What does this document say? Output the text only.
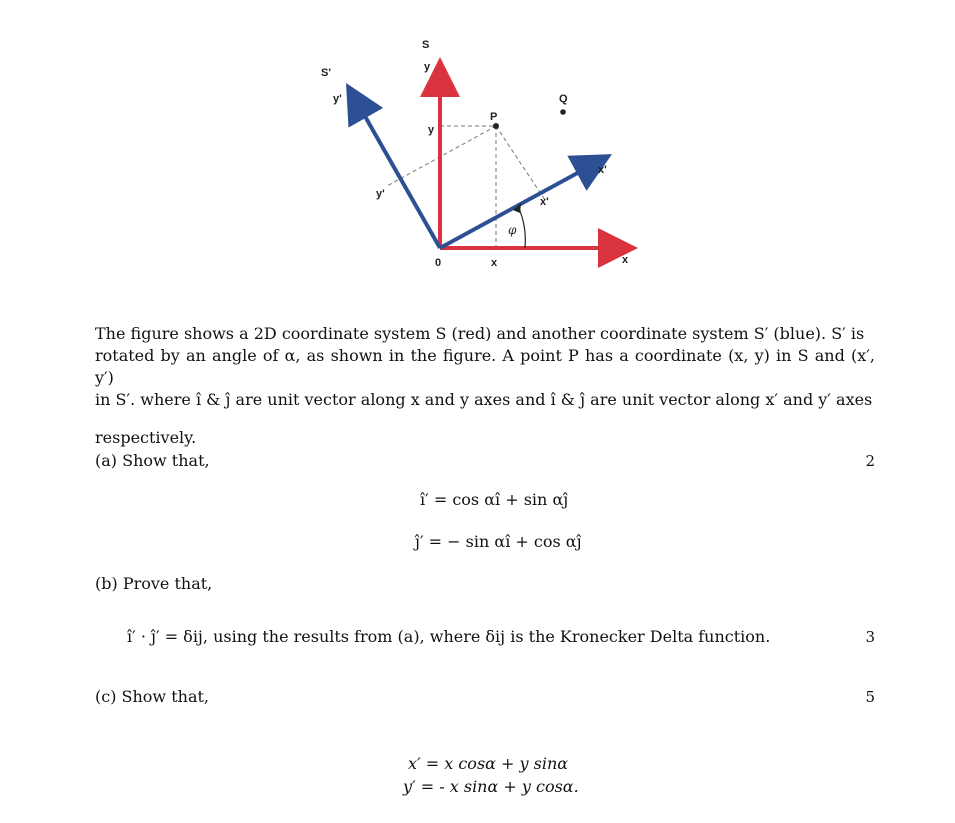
S
S'	y
y'
P
Q
y
y'
x'
x'
φ
0	x	x
The figure shows a 2D coordinate system S (red) and another coordinate system S′ (blue). S′ is
rotated by an angle of α, as shown in the figure. A point P has a coordinate (x, y) in S and (x′, y′)
in S′. where î & ĵ are unit vector along x and y axes and î & ĵ are unit vector along x′ and y′ axes
respectively.
(a) Show that,	2
î′ = cos αî + sin αĵ
ĵ′ = − sin αî + cos αĵ
(b) Prove that,
î′ · ĵ′ = δij, using the results from (a), where δij is the Kronecker Delta function.	3
(c) Show that,	5
x′ = x cosα + y sinα
y′ = - x sinα + y cosα.
